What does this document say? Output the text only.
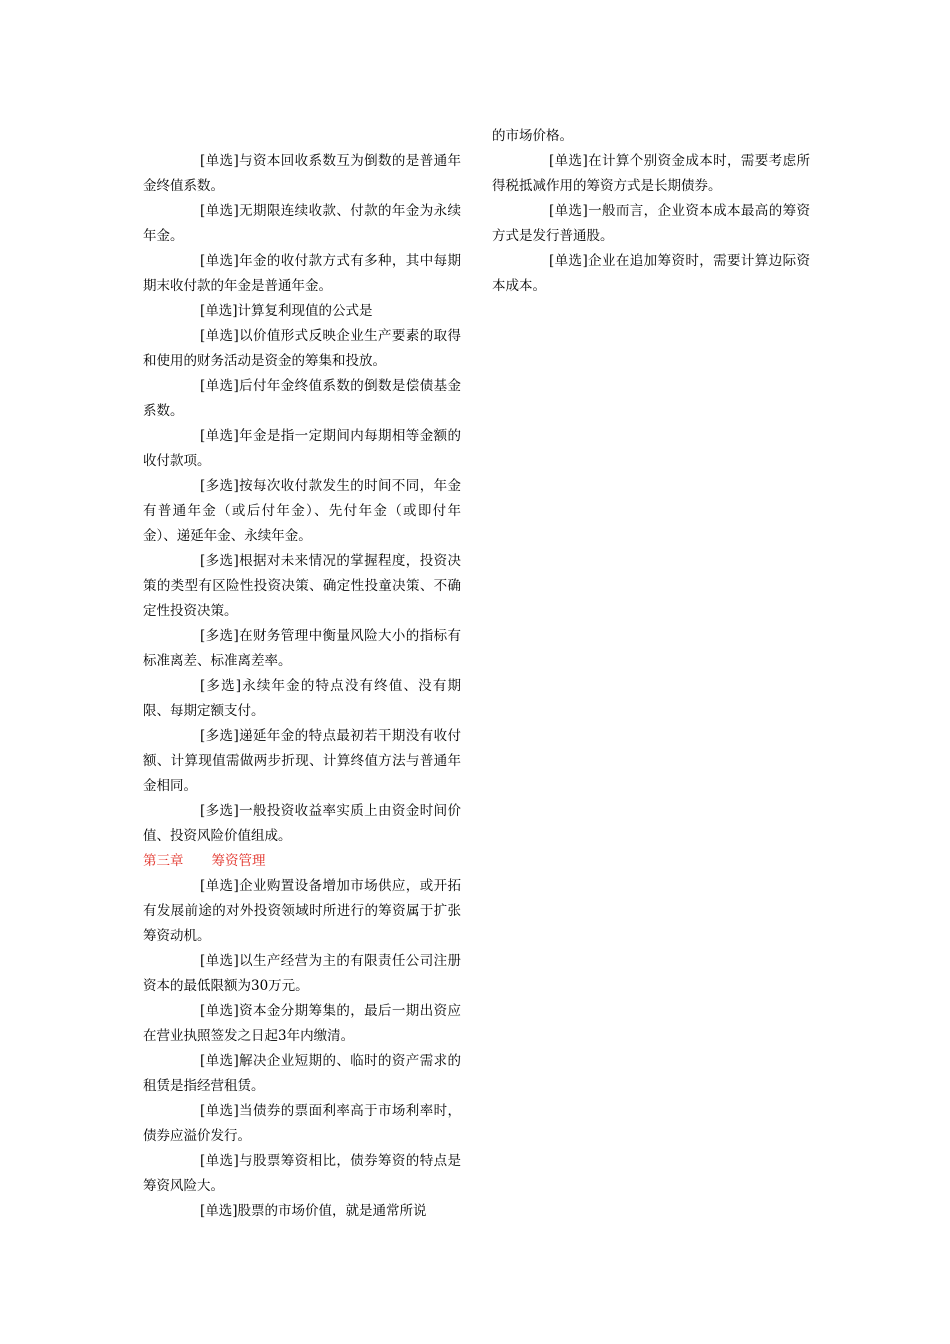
[单选]与资本回收系数互为倒数的是普通年金终值系数。

[单选]无期限连续收款、付款的年金为永续年金。

[单选]年金的收付款方式有多种，其中每期期末收付款的年金是普通年金。

[单选]计算复利现值的公式是

[单选]以价值形式反映企业生产要素的取得和使用的财务活动是资金的筹集和投放。

[单选]后付年金终值系数的倒数是偿债基金系数。

[单选]年金是指一定期间内每期相等金额的收付款项。

[多选]按每次收付款发生的时间不同，年金有普通年金（或后付年金）、先付年金（或即付年金）、递延年金、永续年金。

[多选]根据对未来情况的掌握程度，投资决策的类型有区险性投资决策、确定性投童决策、不确定性投资决策。

[多选]在财务管理中衡量风险大小的指标有标准离差、标准离差率。

[多选]永续年金的特点没有终值、没有期限、每期定额支付。

[多选]递延年金的特点最初若干期没有收付额、计算现值需做两步折现、计算终值方法与普通年金相同。

[多选]一般投资收益率实质上由资金时间价值、投资风险价值组成。

第三章 筹资管理

[单选]企业购置设备增加市场供应，或开拓有发展前途的对外投资领域时所进行的筹资属于扩张筹资动机。

[单选]以生产经营为主的有限责任公司注册资本的最低限额为30万元。

[单选]资本金分期筹集的，最后一期出资应在营业执照签发之日起3年内缴清。

[单选]解决企业短期的、临时的资产需求的租赁是指经营租赁。

[单选]当债券的票面利率高于市场利率时，债券应溢价发行。

[单选]与股票筹资相比，债券筹资的特点是筹资风险大。

[单选]股票的市场价值，就是通常所说

的市场价格。

[单选]在计算个别资金成本时，需要考虑所得税抵减作用的筹资方式是长期债券。

[单选]一般而言，企业资本成本最高的筹资方式是发行普通股。

[单选]企业在追加筹资时，需要计算边际资本成本。
